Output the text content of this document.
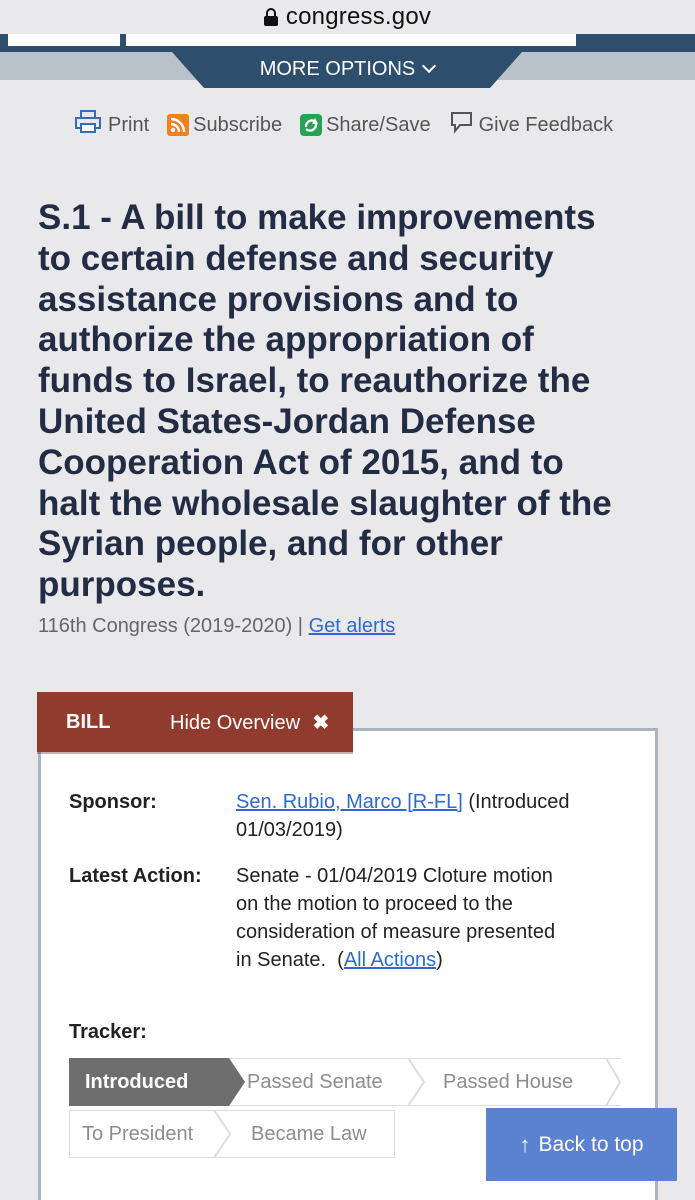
congress.gov
MORE OPTIONS
Print Subscribe Share/Save Give Feedback
S.1 - A bill to make improvements
to certain defense and security
assistance provisions and to
authorize the appropriation of
funds to Israel, to reauthorize the
United States-Jordan Defense
Cooperation Act of 2015, and to
halt the wholesale slaughter of the
Syrian people, and for other
purposes.
116th Congress (2019-2020) | Get alerts
BILL	Hide Overview ✖
Sponsor:	Sen. Rubio, Marco [R-FL] (Introduced
01/03/2019)
Latest Action: Senate - 01/04/2019 Cloture motion
on the motion to proceed to the
consideration of measure presented
in Senate.  (All Actions)
Tracker:
Introduced	Passed Senate	Passed House
To President	Became Law	↑ Back to top
